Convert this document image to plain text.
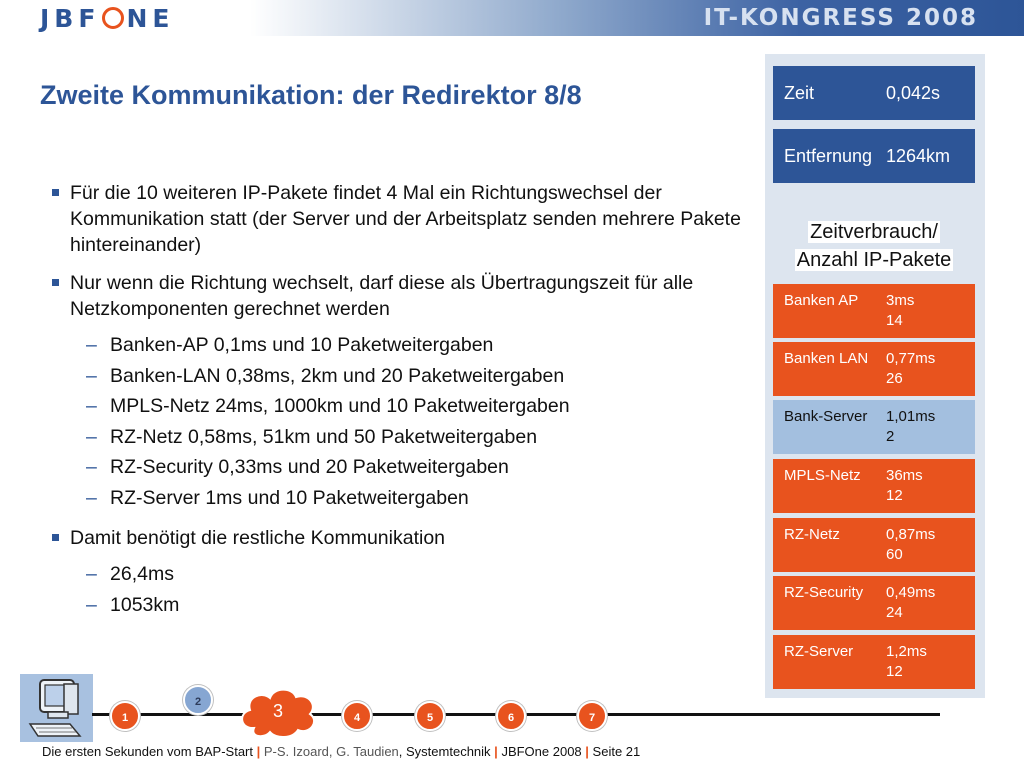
JBF NE	IT-KONGRESS 2008
Zweite Kommunikation: der Redirektor 8/8
Für die 10 weiteren IP-Pakete findet 4 Mal ein Richtungswechsel der Kommunikation statt (der Server und der Arbeitsplatz senden mehrere Pakete hintereinander)
Nur wenn die Richtung wechselt, darf diese als Übertragungszeit für alle Netzkomponenten gerechnet werden
– Banken-AP 0,1ms und 10 Paketweitergaben
– Banken-LAN 0,38ms, 2km und 20 Paketweitergaben
– MPLS-Netz 24ms, 1000km und 10 Paketweitergaben
– RZ-Netz 0,58ms, 51km und 50 Paketweitergaben
– RZ-Security 0,33ms und 20 Paketweitergaben
– RZ-Server 1ms und 10 Paketweitergaben
Damit benötigt die restliche Kommunikation
– 26,4ms
– 1053km
Zeit	0,042s
Entfernung 1264km
Zeitverbrauch/
Anzahl IP-Pakete
Banken AP 3ms
14
Banken LAN 0,77ms
26
Bank-Server 1,01ms
2
MPLS-Netz 36ms
12
RZ-Netz	0,87ms
60
RZ-Security 0,49ms
24
RZ-Server 1,2ms
12
1
2	3	4	5	6	7
Die ersten Sekunden vom BAP-Start | P-S. Izoard, G. Taudien, Systemtechnik | JBFOne 2008 | Seite 21
